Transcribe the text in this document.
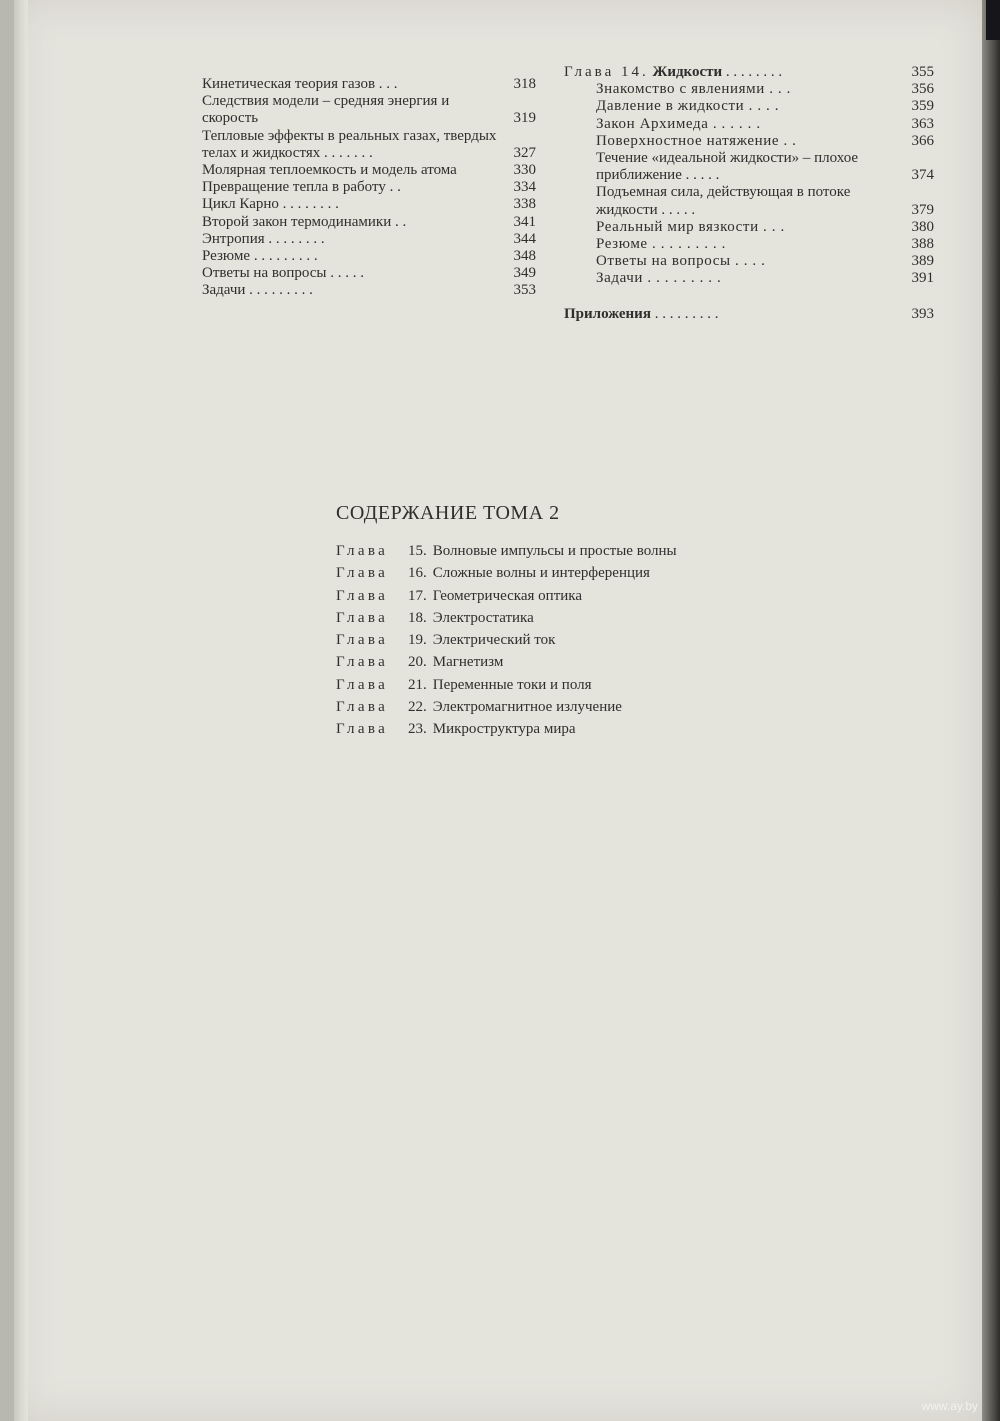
Кинетическая теория газов . . .	318
Следствия модели – средняя энергия и скорость	319
Тепловые эффекты в реальных газах, твердых телах и жидкостях . . . . . . .	327
Молярная теплоемкость и модель атома	330
Превращение тепла в работу . .	334
Цикл Карно . . . . . . . .	338
Второй закон термодинамики . .	341
Энтропия . . . . . . . .	344
Резюме . . . . . . . . .	348
Ответы на вопросы . . . . .	349
Задачи . . . . . . . . .	353
Глава 14. Жидкости . . . . . . . .	355
Знакомство с явлениями . . .	356
Давление в жидкости . . . .	359
Закон Архимеда . . . . . .	363
Поверхностное натяжение . .	366
Течение «идеальной жидкости» – плохое приближение . . . . .	374
Подъемная сила, действующая в потоке жидкости . . . . .	379
Реальный мир вязкости . . .	380
Резюме . . . . . . . . .	388
Ответы на вопросы . . . .	389
Задачи . . . . . . . . .	391
Приложения . . . . . . . . .	393
СОДЕРЖАНИЕ ТОМА 2
Глава 15. Волновые импульсы и простые волны
Глава 16. Сложные волны и интерференция
Глава 17. Геометрическая оптика
Глава 18. Электростатика
Глава 19. Электрический ток
Глава 20. Магнетизм
Глава 21. Переменные токи и поля
Глава 22. Электромагнитное излучение
Глава 23. Микроструктура мира
www.ay.by
